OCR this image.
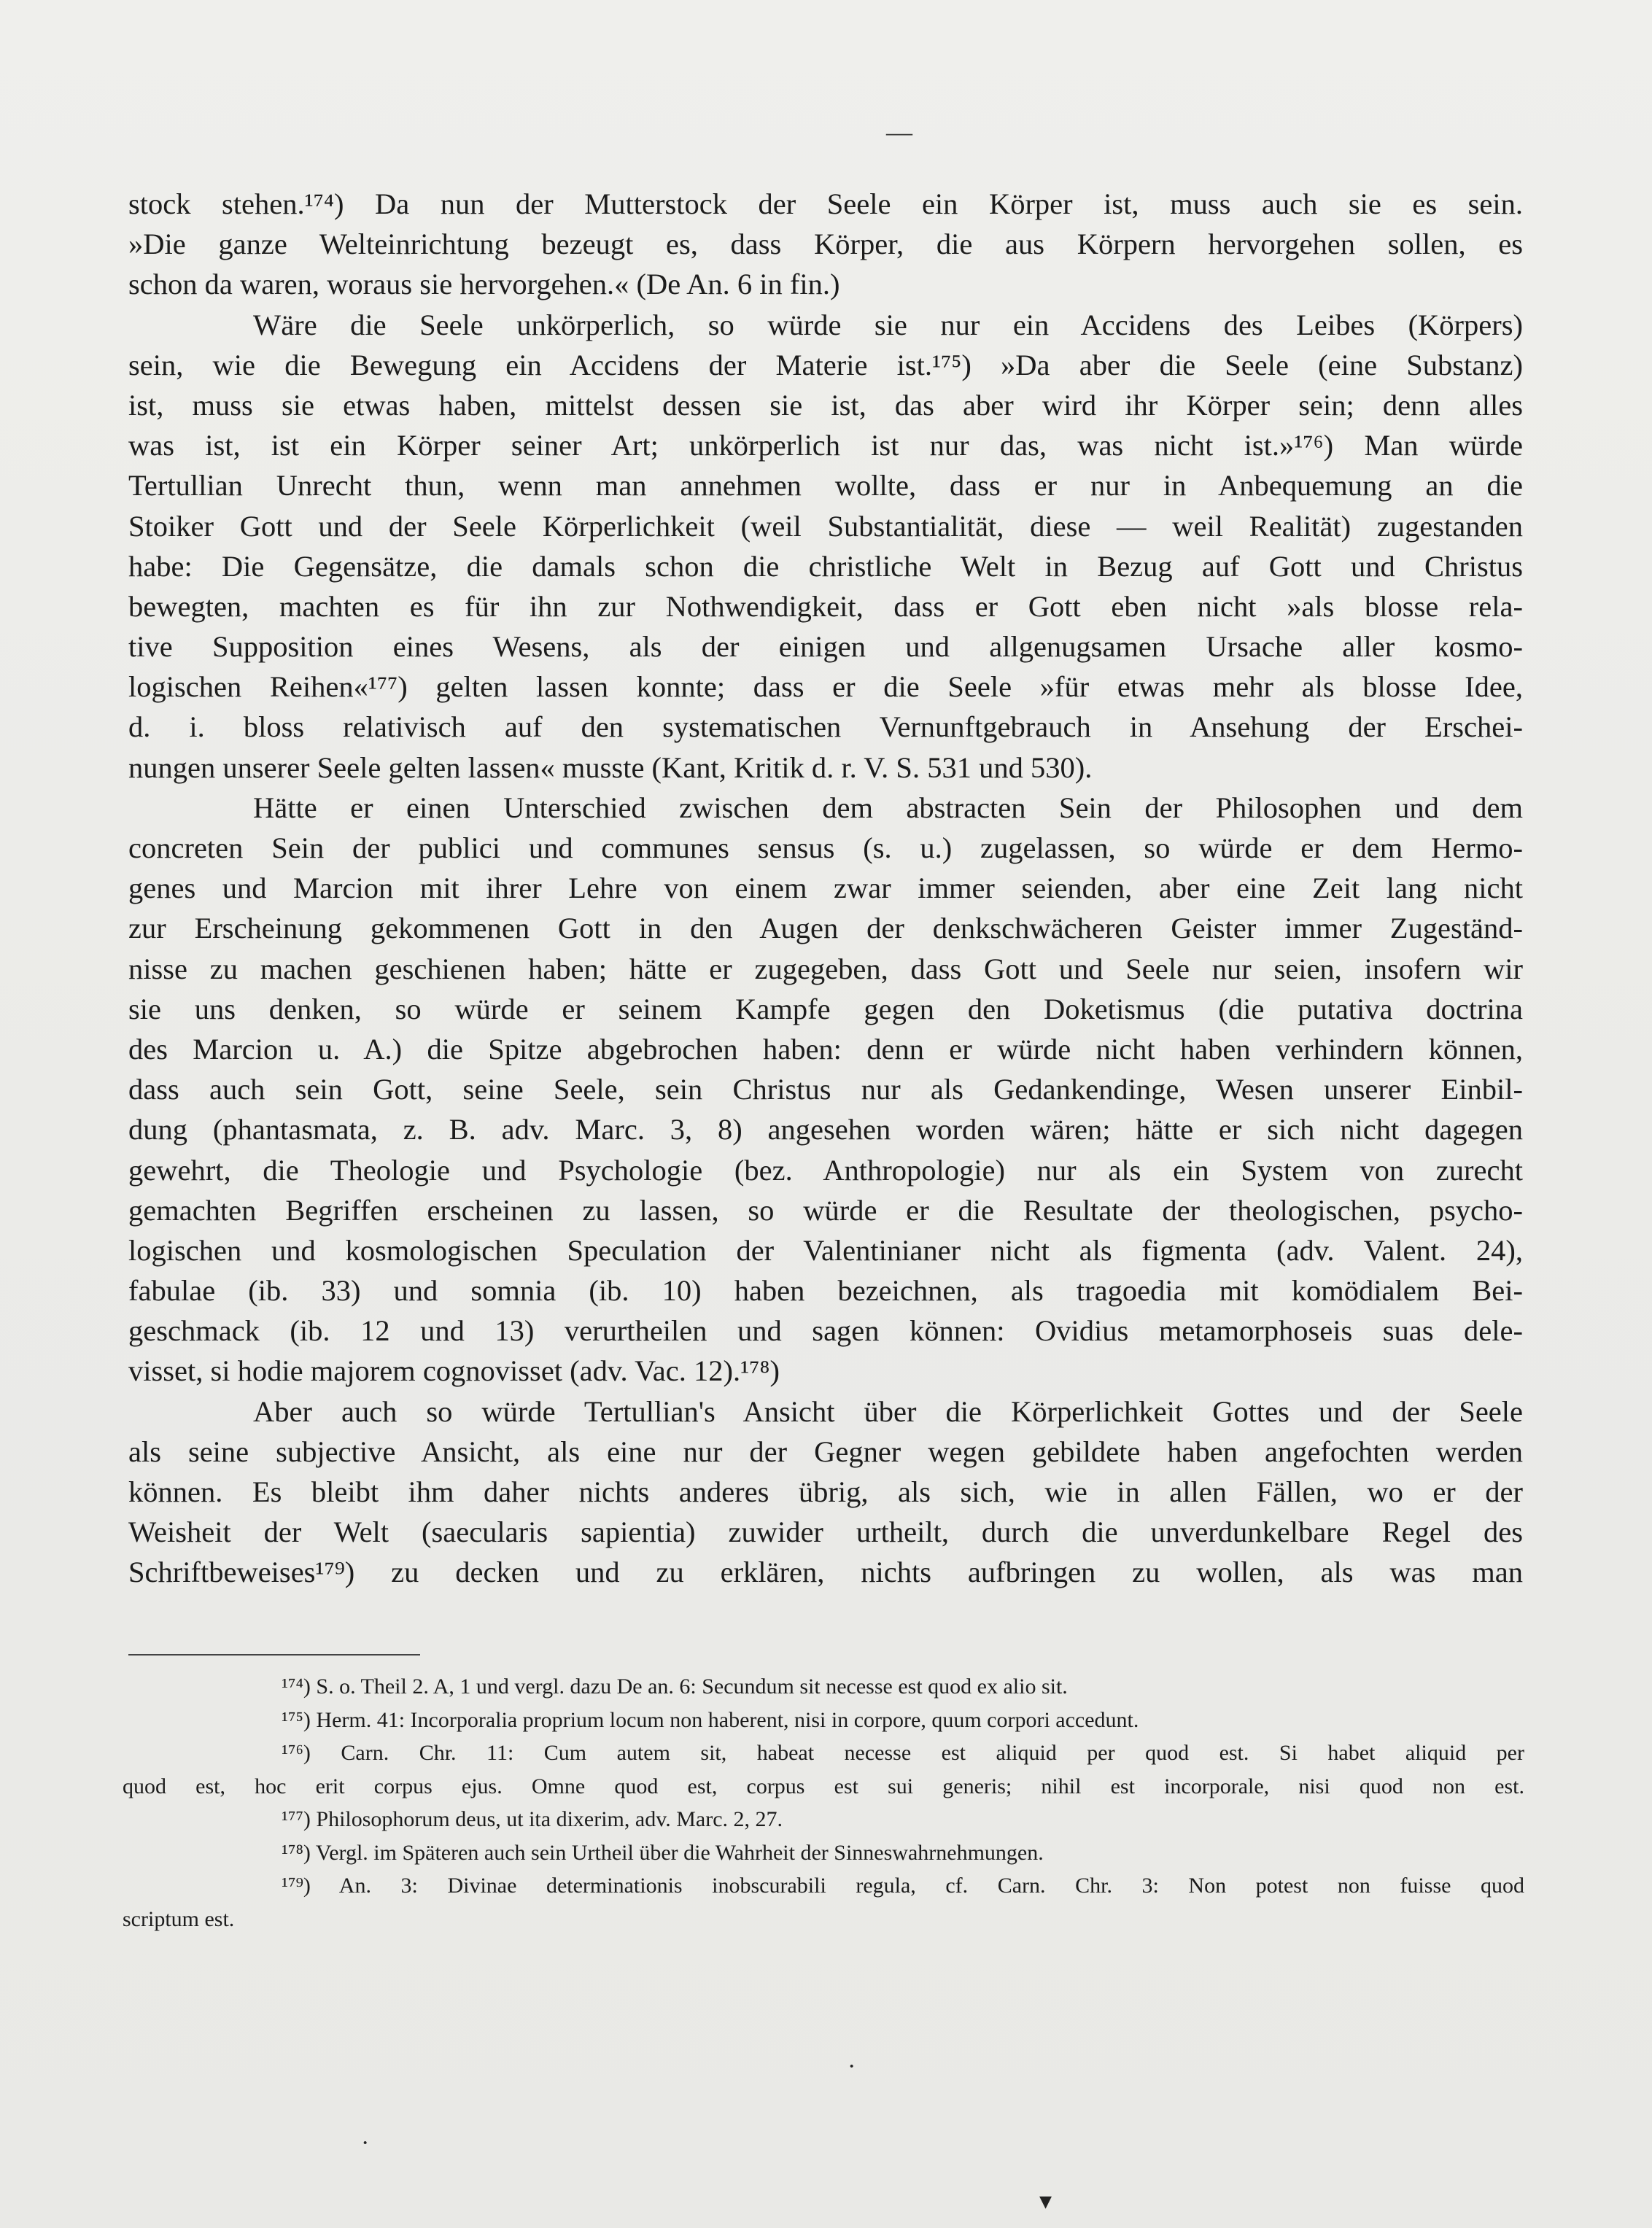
—
stock stehen.¹⁷⁴) Da nun der Mutterstock der Seele ein Körper ist, muss auch sie es sein.
»Die ganze Welteinrichtung bezeugt es, dass Körper, die aus Körpern hervorgehen sollen, es
schon da waren, woraus sie hervorgehen.« (De An. 6 in fin.)
Wäre die Seele unkörperlich, so würde sie nur ein Accidens des Leibes (Körpers)
sein, wie die Bewegung ein Accidens der Materie ist.¹⁷⁵) »Da aber die Seele (eine Substanz)
ist, muss sie etwas haben, mittelst dessen sie ist, das aber wird ihr Körper sein; denn alles
was ist, ist ein Körper seiner Art; unkörperlich ist nur das, was nicht ist.»¹⁷⁶) Man würde
Tertullian Unrecht thun, wenn man annehmen wollte, dass er nur in Anbequemung an die
Stoiker Gott und der Seele Körperlichkeit (weil Substantialität, diese — weil Realität) zugestanden
habe: Die Gegensätze, die damals schon die christliche Welt in Bezug auf Gott und Christus
bewegten, machten es für ihn zur Nothwendigkeit, dass er Gott eben nicht »als blosse rela-
tive Supposition eines Wesens, als der einigen und allgenugsamen Ursache aller kosmo-
logischen Reihen«¹⁷⁷) gelten lassen konnte; dass er die Seele »für etwas mehr als blosse Idee,
d. i. bloss relativisch auf den systematischen Vernunftgebrauch in Ansehung der Erschei-
nungen unserer Seele gelten lassen« musste (Kant, Kritik d. r. V. S. 531 und 530).
Hätte er einen Unterschied zwischen dem abstracten Sein der Philosophen und dem
concreten Sein der publici und communes sensus (s. u.) zugelassen, so würde er dem Hermo-
genes und Marcion mit ihrer Lehre von einem zwar immer seienden, aber eine Zeit lang nicht
zur Erscheinung gekommenen Gott in den Augen der denkschwächeren Geister immer Zugeständ-
nisse zu machen geschienen haben; hätte er zugegeben, dass Gott und Seele nur seien, insofern wir
sie uns denken, so würde er seinem Kampfe gegen den Doketismus (die putativa doctrina
des Marcion u. A.) die Spitze abgebrochen haben: denn er würde nicht haben verhindern können,
dass auch sein Gott, seine Seele, sein Christus nur als Gedankendinge, Wesen unserer Einbil-
dung (phantasmata, z. B. adv. Marc. 3, 8) angesehen worden wären; hätte er sich nicht dagegen
gewehrt, die Theologie und Psychologie (bez. Anthropologie) nur als ein System von zurecht
gemachten Begriffen erscheinen zu lassen, so würde er die Resultate der theologischen, psycho-
logischen und kosmologischen Speculation der Valentinianer nicht als figmenta (adv. Valent. 24),
fabulae (ib. 33) und somnia (ib. 10) haben bezeichnen, als tragoedia mit komödialem Bei-
geschmack (ib. 12 und 13) verurtheilen und sagen können: Ovidius metamorphoseis suas dele-
visset, si hodie majorem cognovisset (adv. Vac. 12).¹⁷⁸)
Aber auch so würde Tertullian's Ansicht über die Körperlichkeit Gottes und der Seele
als seine subjective Ansicht, als eine nur der Gegner wegen gebildete haben angefochten werden
können. Es bleibt ihm daher nichts anderes übrig, als sich, wie in allen Fällen, wo er der
Weisheit der Welt (saecularis sapientia) zuwider urtheilt, durch die unverdunkelbare Regel des
Schriftbeweises¹⁷⁹) zu decken und zu erklären, nichts aufbringen zu wollen, als was man
¹⁷⁴) S. o. Theil 2. A, 1 und vergl. dazu De an. 6: Secundum sit necesse est quod ex alio sit.
¹⁷⁵) Herm. 41: Incorporalia proprium locum non haberent, nisi in corpore, quum corpori accedunt.
¹⁷⁶) Carn. Chr. 11: Cum autem sit, habeat necesse est aliquid per quod est. Si habet aliquid per
quod est, hoc erit corpus ejus. Omne quod est, corpus est sui generis; nihil est incorporale, nisi quod non est.
¹⁷⁷) Philosophorum deus, ut ita dixerim, adv. Marc. 2, 27.
¹⁷⁸) Vergl. im Späteren auch sein Urtheil über die Wahrheit der Sinneswahrnehmungen.
¹⁷⁹) An. 3: Divinae determinationis inobscurabili regula, cf. Carn. Chr. 3: Non potest non fuisse quod
scriptum est.
·
·
▾
